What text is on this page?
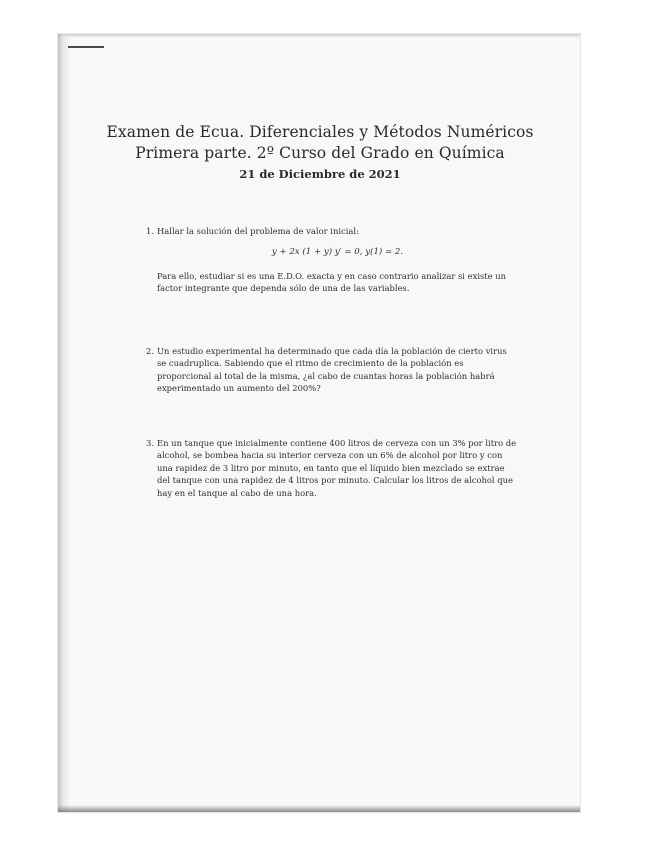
Examen de Ecua. Diferenciales y Métodos Numéricos
Primera parte. 2º Curso del Grado en Química
21 de Diciembre de 2021
1. Hallar la solución del problema de valor inicial:
y + 2x (1 + y) y′ = 0, y(1) = 2.
Para ello, estudiar si es una E.D.O. exacta y en caso contrario analizar si existe un factor integrante que dependa sólo de una de las variables.
2. Un estudio experimental ha determinado que cada día la población de cierto virus se cuadruplica. Sabiendo que el ritmo de crecimiento de la población es proporcional al total de la misma, ¿al cabo de cuantas horas la población habrá experimentado un aumento del 200%?
3. En un tanque que inicialmente contiene 400 litros de cerveza con un 3% por litro de alcohol, se bombea hacia su interior cerveza con un 6% de alcohol por litro y con una rapidez de 3 litro por minuto, en tanto que el líquido bien mezclado se extrae del tanque con una rapidez de 4 litros por minuto. Calcular los litros de alcohol que hay en el tanque al cabo de una hora.
